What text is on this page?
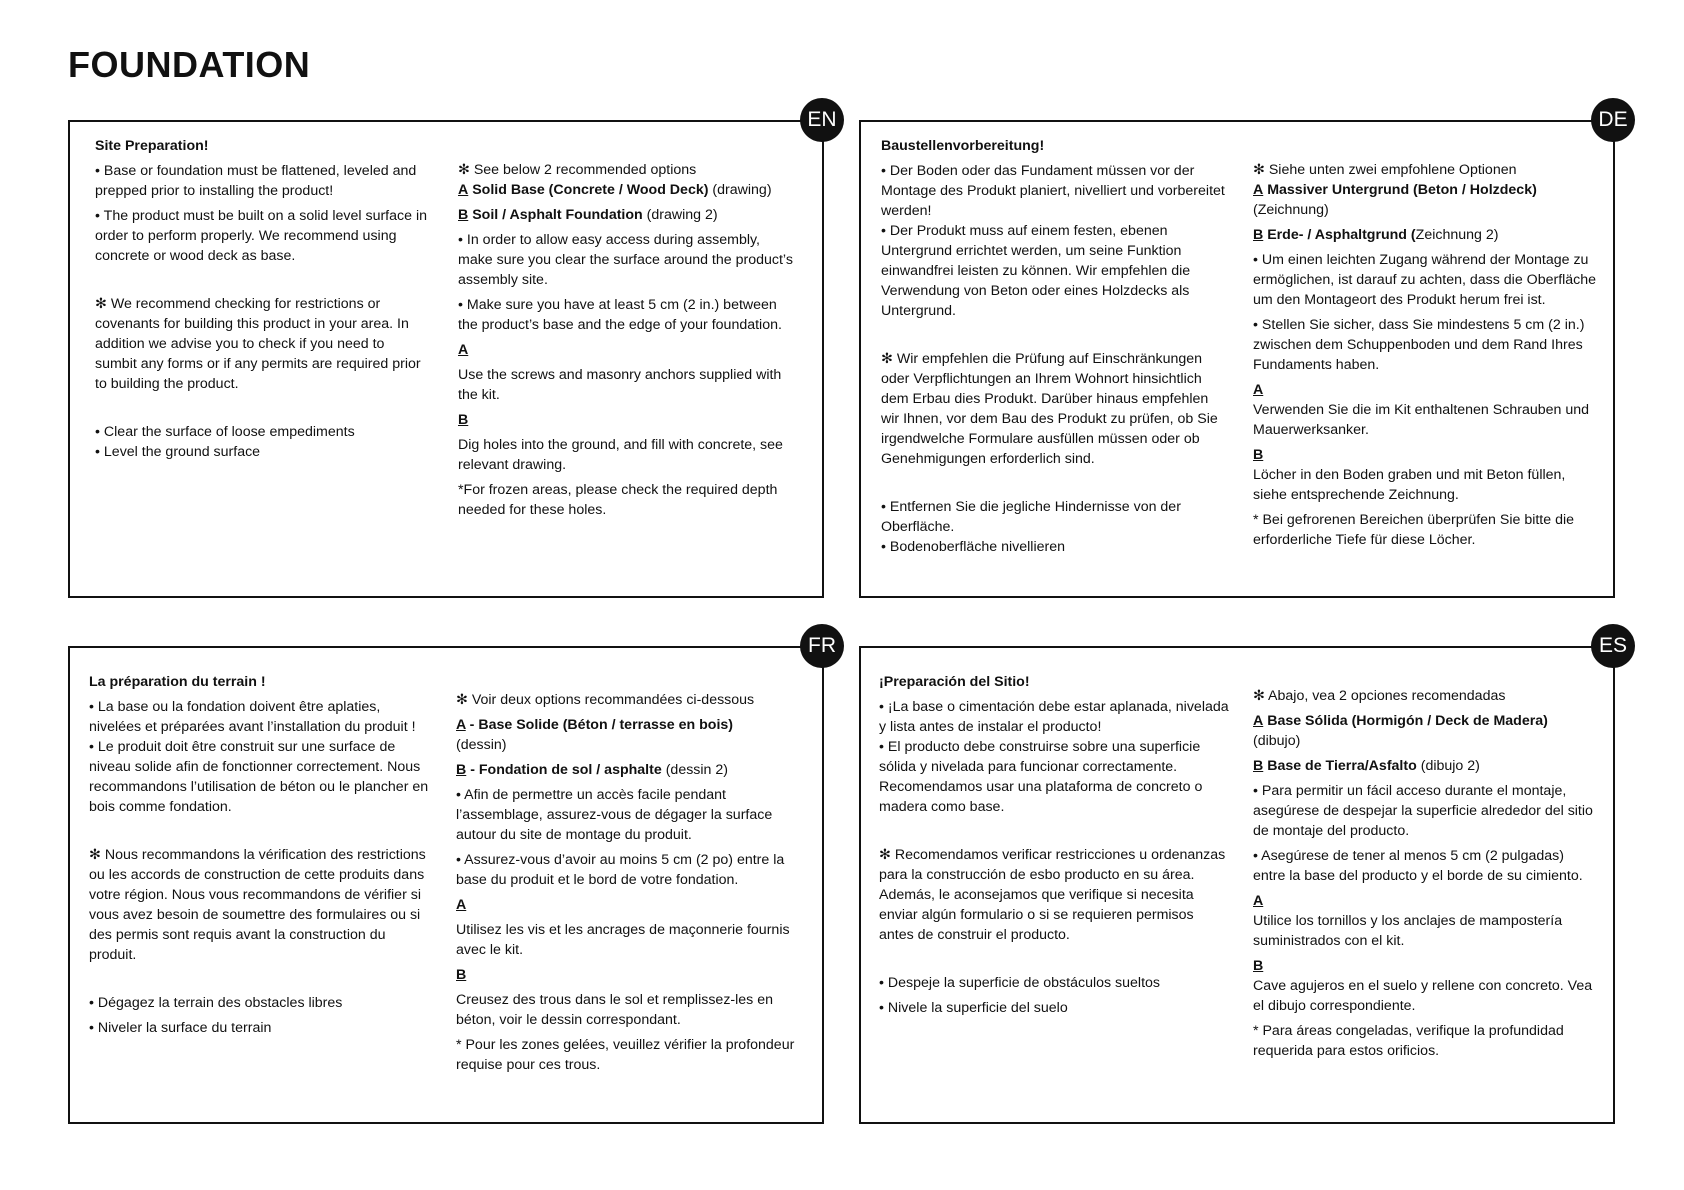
FOUNDATION
EN

Site Preparation!

• Base or foundation must be flattened, leveled and prepped prior to installing the product!

• The product must be built on a solid level surface in order to perform properly. We recommend using concrete or wood deck as base.

✻ We recommend checking for restrictions or covenants for building this product in your area. In addition we advise you to check if you need to sumbit any forms or if any permits are required prior to building the product.

• Clear the surface of loose empediments

• Level the ground surface

✻ See below 2 recommended options

A Solid Base (Concrete / Wood Deck) (drawing)

B Soil / Asphalt Foundation (drawing 2)

• In order to allow easy access during assembly, make sure you clear the surface around the product’s assembly site.

• Make sure you have at least 5 cm (2 in.) between the product’s base and the edge of your foundation.

A

Use the screws and masonry anchors supplied with the kit.

B

Dig holes into the ground, and fill with concrete, see relevant drawing.

*For frozen areas, please check the required depth needed for these holes.

DE

Baustellenvorbereitung!

• Der Boden oder das Fundament müssen vor der Montage des Produkt planiert, nivelliert und vorbereitet werden!

• Der Produkt muss auf einem festen, ebenen Untergrund errichtet werden, um seine Funktion einwandfrei leisten zu können. Wir empfehlen die Verwendung von Beton oder eines Holzdecks als Untergrund.

✻ Wir empfehlen die Prüfung auf Einschränkungen oder Verpflichtungen an Ihrem Wohnort hinsichtlich dem Erbau dies Produkt. Darüber hinaus empfehlen wir Ihnen, vor dem Bau des Produkt zu prüfen, ob Sie irgendwelche Formulare ausfüllen müssen oder ob Genehmigungen erforderlich sind.

• Entfernen Sie die jegliche Hindernisse von der Oberfläche.

• Bodenoberfläche nivellieren

✻ Siehe unten zwei empfohlene Optionen

A Massiver Untergrund (Beton / Holzdeck) (Zeichnung)

B Erde- / Asphaltgrund (Zeichnung 2)

• Um einen leichten Zugang während der Montage zu ermöglichen, ist darauf zu achten, dass die Oberfläche um den Montageort des Produkt herum frei ist.

• Stellen Sie sicher, dass Sie mindestens 5 cm (2 in.) zwischen dem Schuppenboden und dem Rand Ihres Fundaments haben.

A

Verwenden Sie die im Kit enthaltenen Schrauben und Mauerwerksanker.

B

Löcher in den Boden graben und mit Beton füllen, siehe entsprechende Zeichnung.

* Bei gefrorenen Bereichen überprüfen Sie bitte die erforderliche Tiefe für diese Löcher.

FR

La préparation du terrain !

• La base ou la fondation doivent être aplaties, nivelées et préparées avant l’installation du produit !

• Le produit doit être construit sur une surface de niveau solide afin de fonctionner correctement. Nous recommandons l’utilisation de béton ou le plancher en bois comme fondation.

✻ Nous recommandons la vérification des restrictions ou les accords de construction de cette produits dans votre région. Nous vous recommandons de vérifier si vous avez besoin de soumettre des formulaires ou si des permis sont requis avant la construction du produit.

• Dégagez la terrain des obstacles libres

• Niveler la surface du terrain

✻ Voir deux options recommandées ci-dessous

A - Base Solide (Béton / terrasse en bois)
(dessin)

B - Fondation de sol / asphalte (dessin 2)

• Afin de permettre un accès facile pendant l’assemblage, assurez-vous de dégager la surface autour du site de montage du produit.

• Assurez-vous d’avoir au moins 5 cm (2 po) entre la base du produit et le bord de votre fondation.

A

Utilisez les vis et les ancrages de maçonnerie fournis avec le kit.

B

Creusez des trous dans le sol et remplissez-les en béton, voir le dessin correspondant.

* Pour les zones gelées, veuillez vérifier la profondeur requise pour ces trous.

ES

¡Preparación del Sitio!

• ¡La base o cimentación debe estar aplanada, nivelada y lista antes de instalar el producto!

• El producto debe construirse sobre una superficie sólida y nivelada para funcionar correctamente. Recomendamos usar una plataforma de concreto o madera como base.

✻ Recomendamos verificar restricciones u ordenanzas para la construcción de esbo producto en su área. Además, le aconsejamos que verifique si necesita enviar algún formulario o si se requieren permisos antes de construir el producto.

• Despeje la superficie de obstáculos sueltos

• Nivele la superficie del suelo

✻ Abajo, vea 2 opciones recomendadas

A Base Sólida (Hormigón / Deck de Madera)
(dibujo)

B Base de Tierra/Asfalto (dibujo 2)

• Para permitir un fácil acceso durante el montaje, asegúrese de despejar la superficie alrededor del sitio de montaje del producto.

• Asegúrese de tener al menos 5 cm (2 pulgadas) entre la base del producto y el borde de su cimiento.

A

Utilice los tornillos y los anclajes de mampostería suministrados con el kit.

B

Cave agujeros en el suelo y rellene con concreto. Vea el dibujo correspondiente.

* Para áreas congeladas, verifique la profundidad requerida para estos orificios.
